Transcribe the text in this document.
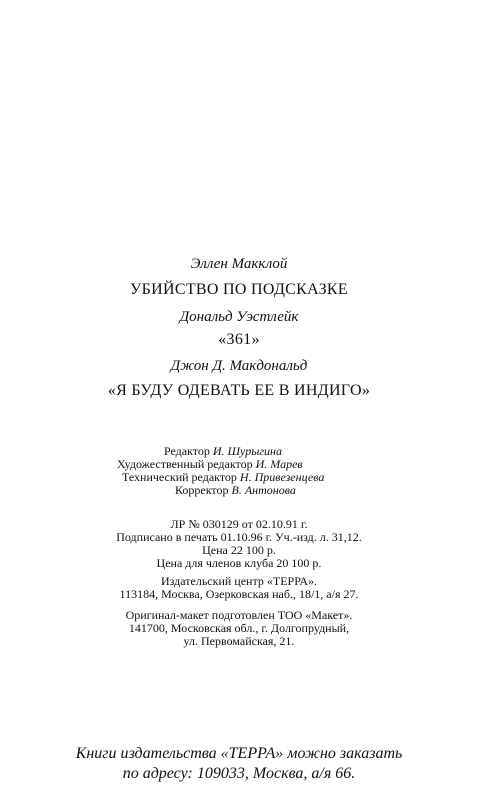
Эллен Макклой
УБИЙСТВО ПО ПОДСКАЗКЕ
Дональд Уэстлейк
«361»
Джон Д. Макдональд
«Я БУДУ ОДЕВАТЬ ЕЕ В ИНДИГО»
Редактор И. Шурыгина
Художественный редактор И. Марев
Технический редактор Н. Привезенцева
Корректор В. Антонова
ЛР № 030129 от 02.10.91 г.
Подписано в печать 01.10.96 г. Уч.-изд. л. 31,12.
Цена 22 100 р.
Цена для членов клуба 20 100 р.
Издательский центр «ТЕРРА».
113184, Москва, Озерковская наб., 18/1, а/я 27.
Оригинал-макет подготовлен ТОО «Макет».
141700, Московская обл., г. Долгопрудный,
ул. Первомайская, 21.
Книги издательства «ТЕРРА» можно заказать
по адресу: 109033, Москва, а/я 66.
